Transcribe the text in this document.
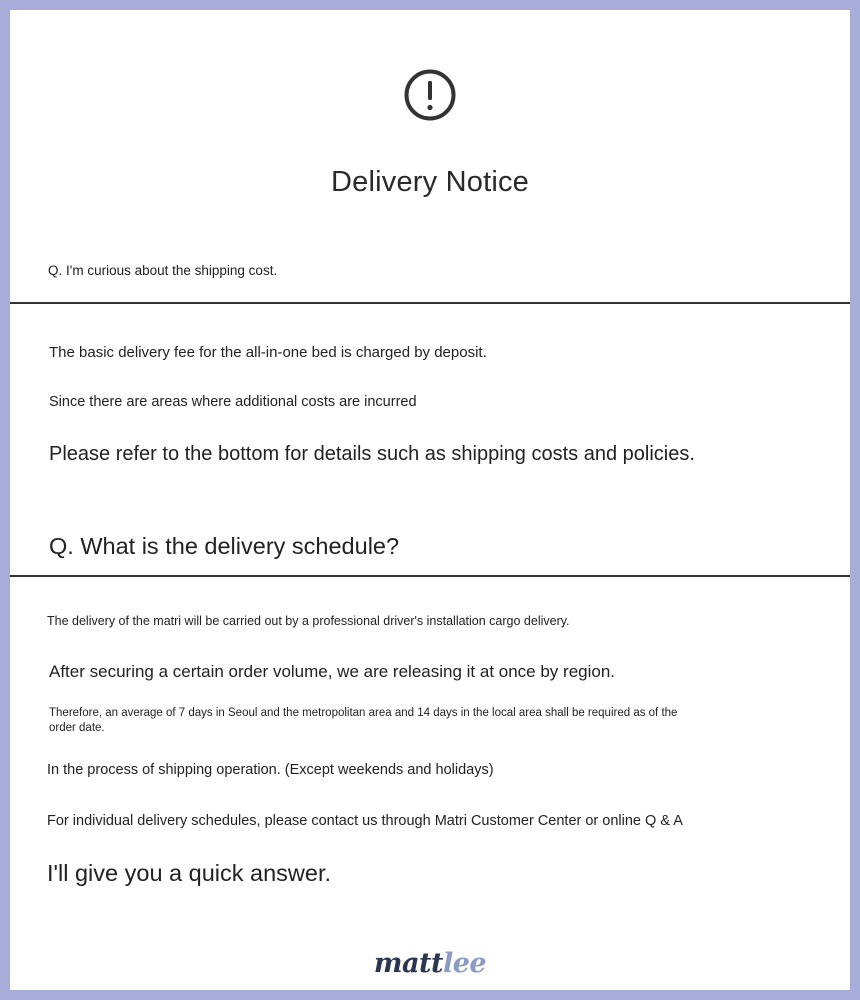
Delivery Notice
Q. I'm curious about the shipping cost.
The basic delivery fee for the all-in-one bed is charged by deposit.
Since there are areas where additional costs are incurred
Please refer to the bottom for details such as shipping costs and policies.
Q. What is the delivery schedule?
The delivery of the matri will be carried out by a professional driver's installation cargo delivery.
After securing a certain order volume, we are releasing it at once by region.
Therefore, an average of 7 days in Seoul and the metropolitan area and 14 days in the local area shall be required as of the
order date.
In the process of shipping operation. (Except weekends and holidays)
For individual delivery schedules, please contact us through Matri Customer Center or online Q & A
I'll give you a quick answer.
mattlee
